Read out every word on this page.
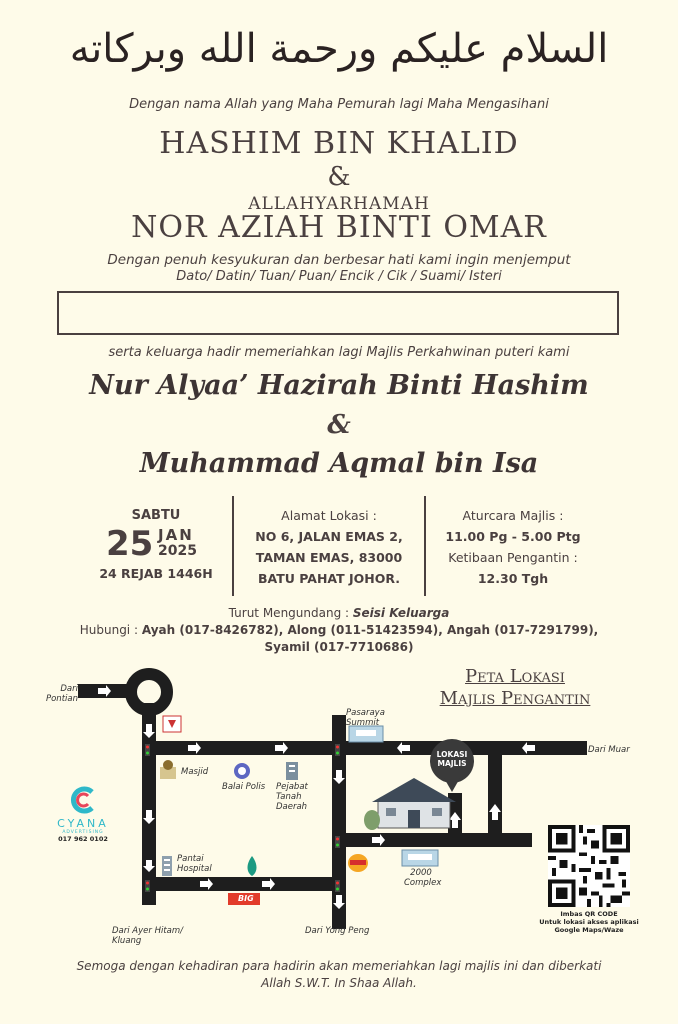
السلام عليكم ورحمة الله وبركاته
Dengan nama Allah yang Maha Pemurah lagi Maha Mengasihani
HASHIM BIN KHALID
&
ALLAHYARHAMAH
NOR AZIAH BINTI OMAR
Dengan penuh kesyukuran dan berbesar hati kami ingin menjemput
Dato/ Datin/ Tuan/ Puan/ Encik / Cik / Suami/ Isteri
serta keluarga hadir memeriahkan lagi Majlis Perkahwinan puteri kami
Nur Alyaa’ Hazirah Binti Hashim
&
Muhammad Aqmal bin Isa
SABTU
25 JAN
2025
24 REJAB 1446H
Alamat Lokasi :
NO 6, JALAN EMAS 2,
TAMAN EMAS, 83000
BATU PAHAT JOHOR.
Aturcara Majlis :
11.00 Pg - 5.00 Ptg
Ketibaan Pengantin :
12.30 Tgh
Turut Mengundang : Seisi Keluarga
Hubungi : Ayah (017-8426782), Along (011-51423594), Angah (017-7291799),
Syamil (017-7710686)
Peta Lokasi
Majlis Pengantin
Dari
Pontian
Pasaraya
Summit
Dari Muar
LOKASI
MAJLIS
Masjid
Balai Polis Pejabat
Tanah
Daerah
Pantai
Hospital	2000
Complex
Dari Ayer Hitam/
Kluang
Dari Yong Peng
BIG
CYANA
ADVERTISING
017 962 0102
Imbas QR CODE
Untuk lokasi akses aplikasi
Google Maps/Waze
Semoga dengan kehadiran para hadirin akan memeriahkan lagi majlis ini dan diberkati
Allah S.W.T. In Shaa Allah.
